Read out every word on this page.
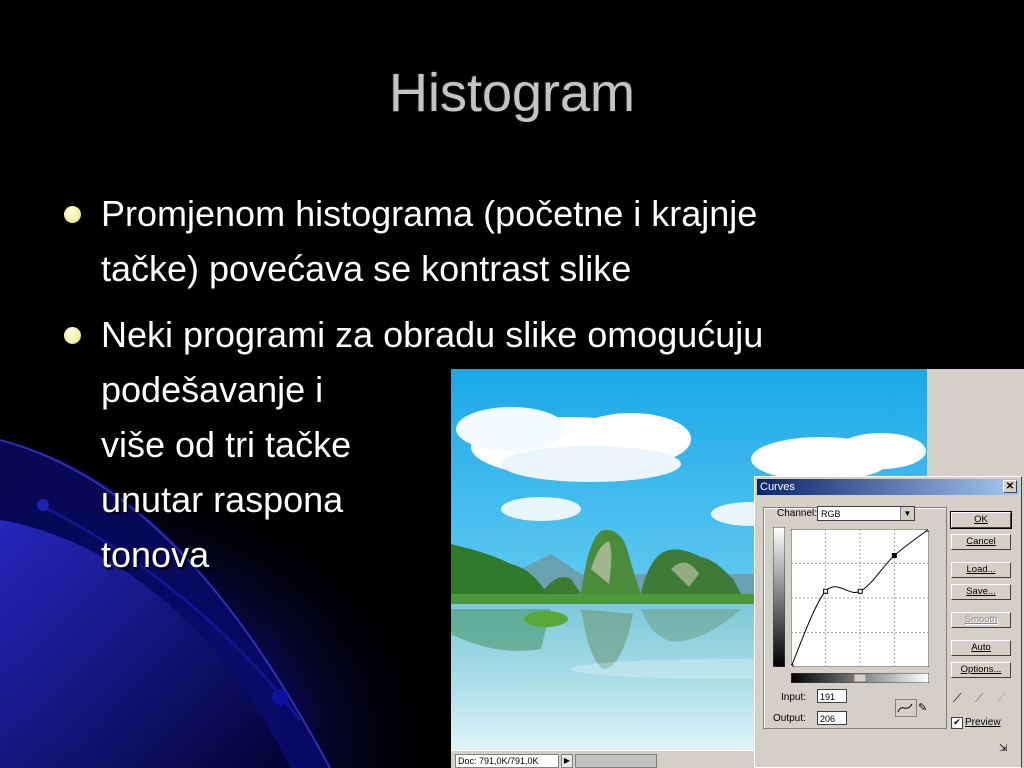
Histogram
Promjenom histograma (početne i krajnje
tačke) povećava se kontrast slike
Neki programi za obradu slike omogućuju
podešavanje i
više od tri tačke
unutar raspona
tonova
Doc: 791,0K/791,0K	▶
Curves	✕
Channel: RGB	▼
Input:	191
Output:	206
✎
OK
Cancel
Load...
Save...
Smooth
Auto
Options...
⟋ ⟋ ⟋
✔ Preview
⇲
